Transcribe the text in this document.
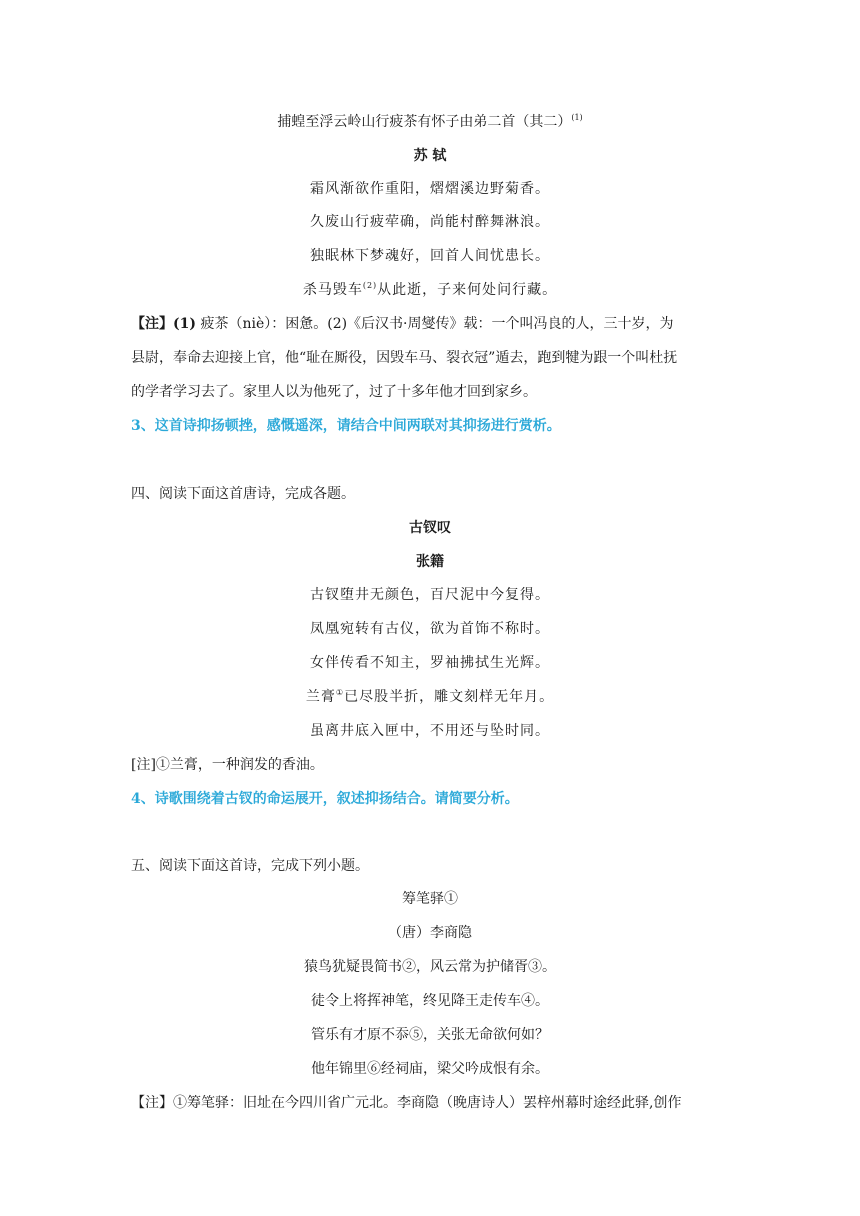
捕蝗至浮云岭山行疲茶有怀子由弟二首（其二）$^{(1)}$
苏 轼
霜风渐欲作重阳，熠熠溪边野菊香。
久废山行疲荦确，尚能村醉舞淋浪。
独眠林下梦魂好，回首人间忧患长。
杀马毁车$^{(2)}$从此逝，子来何处问行藏。
【注】(1) 疲茶（niè）：困惫。(2)《后汉书·周燮传》载：一个叫冯良的人，三十岁，为
县尉，奉命去迎接上官，他“耻在厮役，因毁车马、裂衣冠”遁去，跑到犍为跟一个叫杜抚
的学者学习去了。家里人以为他死了，过了十多年他才回到家乡。
3、这首诗抑扬顿挫，感慨遥深，请结合中间两联对其抑扬进行赏析。
四、阅读下面这首唐诗，完成各题。
古钗叹
张籍
古钗堕井无颜色，百尺泥中今复得。
凤凰宛转有古仪，欲为首饰不称时。
女伴传看不知主，罗袖拂拭生光辉。
兰膏①已尽股半折，雕文刻样无年月。
虽离井底入匣中，不用还与坠时同。
[注]①兰膏，一种润发的香油。
4、诗歌围绕着古钗的命运展开，叙述抑扬结合。请简要分析。
五、阅读下面这首诗，完成下列小题。
筹笔驿①
（唐）李商隐
猿鸟犹疑畏简书②，风云常为护储胥③。
徒令上将挥神笔，终见降王走传车④。
管乐有才原不忝⑤，关张无命欲何如？
他年锦里⑥经祠庙，梁父吟成恨有余。
【注】①筹笔驿：旧址在今四川省广元北。李商隐（晚唐诗人）罢梓州幕时途经此驿,创作
